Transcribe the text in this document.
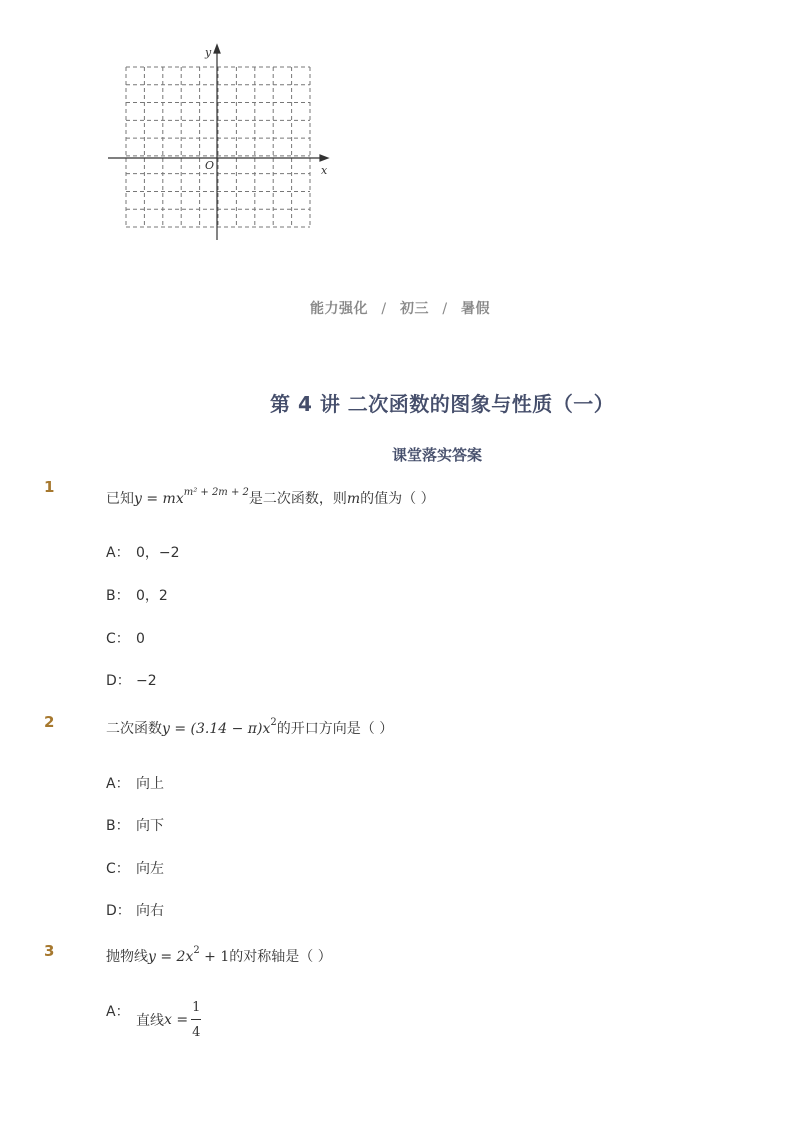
y
x
O
能力强化 / 初三 / 暑假
第 4 讲 二次函数的图象与性质（一）
课堂落实答案
1
已知$y = mx^{m^2 + 2m + 2}$是二次函数，则m的值为（ ）
A： 0，−2
B： 0，2
C： 0
D： −2
2	二次函数$y = (3.14 - \pi)x^2$的开口方向是（ ）
A： 向上
B： 向下
C： 向左
D： 向右
3	抛物线$y = 2x^2 + 1$的对称轴是（ ）
A：
直线$x = \frac{1}{4}$
